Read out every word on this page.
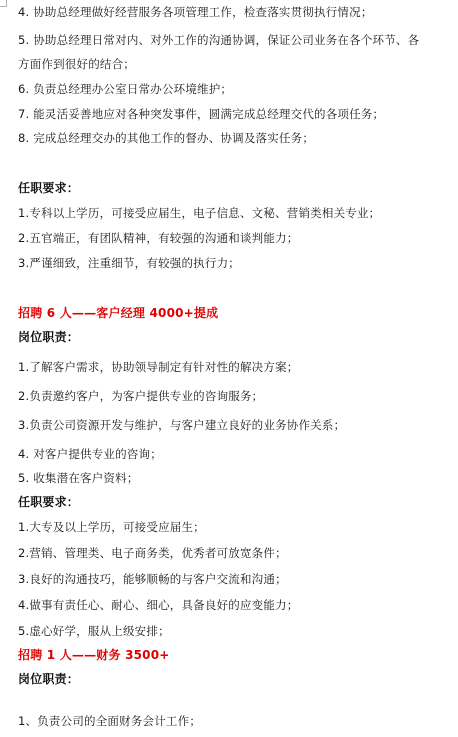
4. 协助总经理做好经营服务各项管理工作，检查落实贯彻执行情况；
5. 协助总经理日常对内、对外工作的沟通协调，保证公司业务在各个环节、各
方面作到很好的结合；
6. 负责总经理办公室日常办公环境维护；
7. 能灵活妥善地应对各种突发事件，圆满完成总经理交代的各项任务；
8. 完成总经理交办的其他工作的督办、协调及落实任务；
任职要求：
1.专科以上学历，可接受应届生，电子信息、文秘、营销类相关专业；
2.五官端正，有团队精神，有较强的沟通和谈判能力；
3.严谨细致，注重细节，有较强的执行力；
招聘 6 人——客户经理 4000+提成
岗位职责：
1.了解客户需求，协助领导制定有针对性的解决方案；
2.负责邀约客户，为客户提供专业的咨询服务；
3.负责公司资源开发与维护，与客户建立良好的业务协作关系；
4. 对客户提供专业的咨询；
5. 收集潜在客户资料；
任职要求：
1.大专及以上学历，可接受应届生；
2.营销、管理类、电子商务类，优秀者可放宽条件；
3.良好的沟通技巧，能够顺畅的与客户交流和沟通；
4.做事有责任心、耐心、细心，具备良好的应变能力；
5.虚心好学，服从上级安排；
招聘 1 人——财务 3500+
岗位职责：
1、负责公司的全面财务会计工作；
